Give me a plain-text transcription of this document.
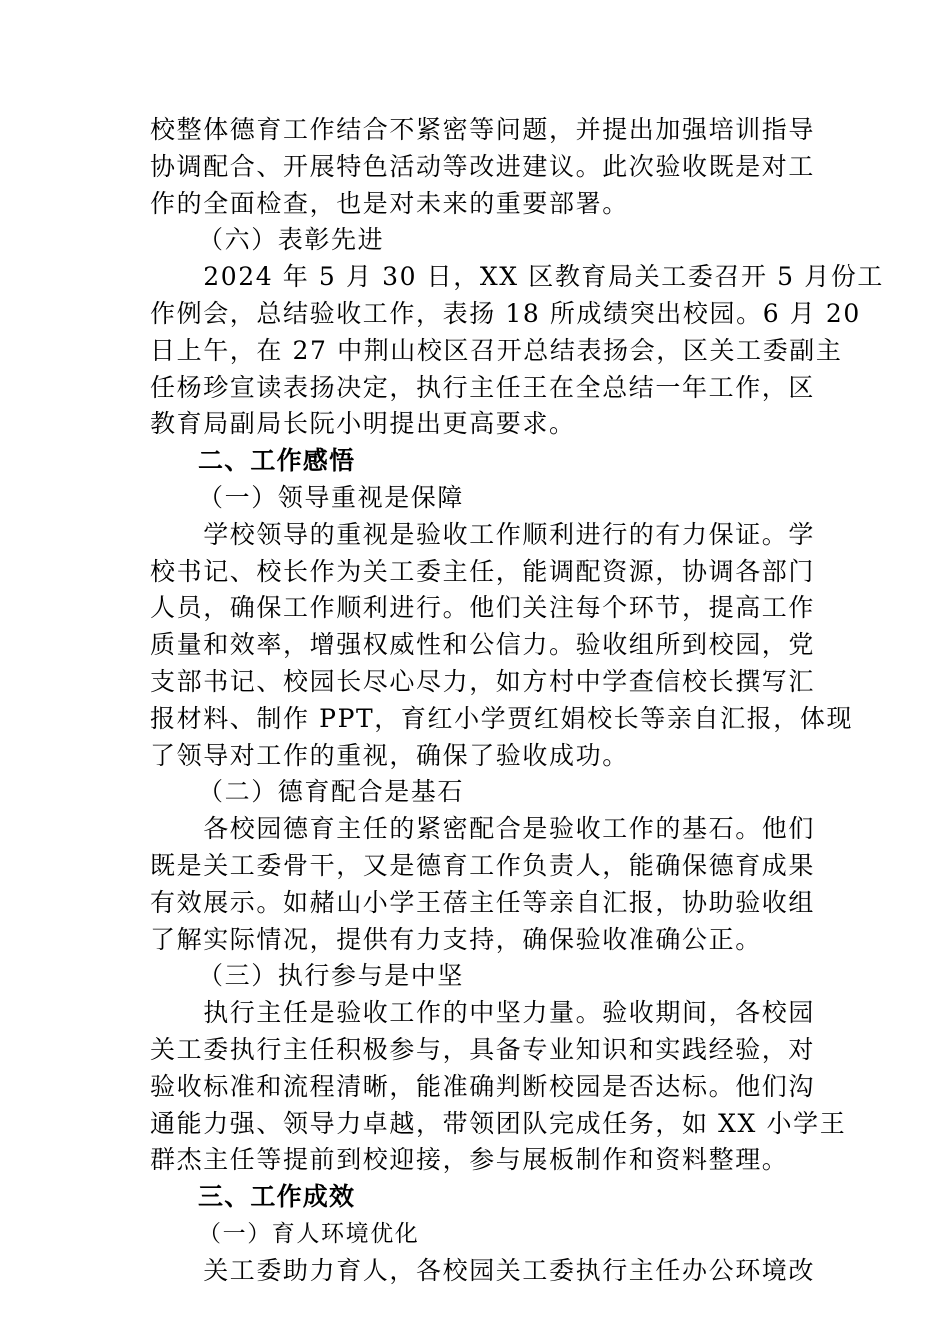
校整体德育工作结合不紧密等问题，并提出加强培训指导
协调配合、开展特色活动等改进建议。此次验收既是对工
作的全面检查，也是对未来的重要部署。
（六）表彰先进
　　2024 年 5 月 30 日，XX 区教育局关工委召开 5 月份工
作例会，总结验收工作，表扬 18 所成绩突出校园。6 月 20
日上午，在 27 中荆山校区召开总结表扬会，区关工委副主
任杨珍宣读表扬决定，执行主任王在全总结一年工作，区
教育局副局长阮小明提出更高要求。
二、工作感悟
（一）领导重视是保障
　　学校领导的重视是验收工作顺利进行的有力保证。学
校书记、校长作为关工委主任，能调配资源，协调各部门
人员，确保工作顺利进行。他们关注每个环节，提高工作
质量和效率，增强权威性和公信力。验收组所到校园，党
支部书记、校园长尽心尽力，如方村中学查信校长撰写汇
报材料、制作 PPT，育红小学贾红娟校长等亲自汇报，体现
了领导对工作的重视，确保了验收成功。
（二）德育配合是基石
　　各校园德育主任的紧密配合是验收工作的基石。他们
既是关工委骨干，又是德育工作负责人，能确保德育成果
有效展示。如赭山小学王蓓主任等亲自汇报，协助验收组
了解实际情况，提供有力支持，确保验收准确公正。
（三）执行参与是中坚
　　执行主任是验收工作的中坚力量。验收期间，各校园
关工委执行主任积极参与，具备专业知识和实践经验，对
验收标准和流程清晰，能准确判断校园是否达标。他们沟
通能力强、领导力卓越，带领团队完成任务，如 XX 小学王
群杰主任等提前到校迎接，参与展板制作和资料整理。
三、工作成效
（一）育人环境优化
　　关工委助力育人，各校园关工委执行主任办公环境改
